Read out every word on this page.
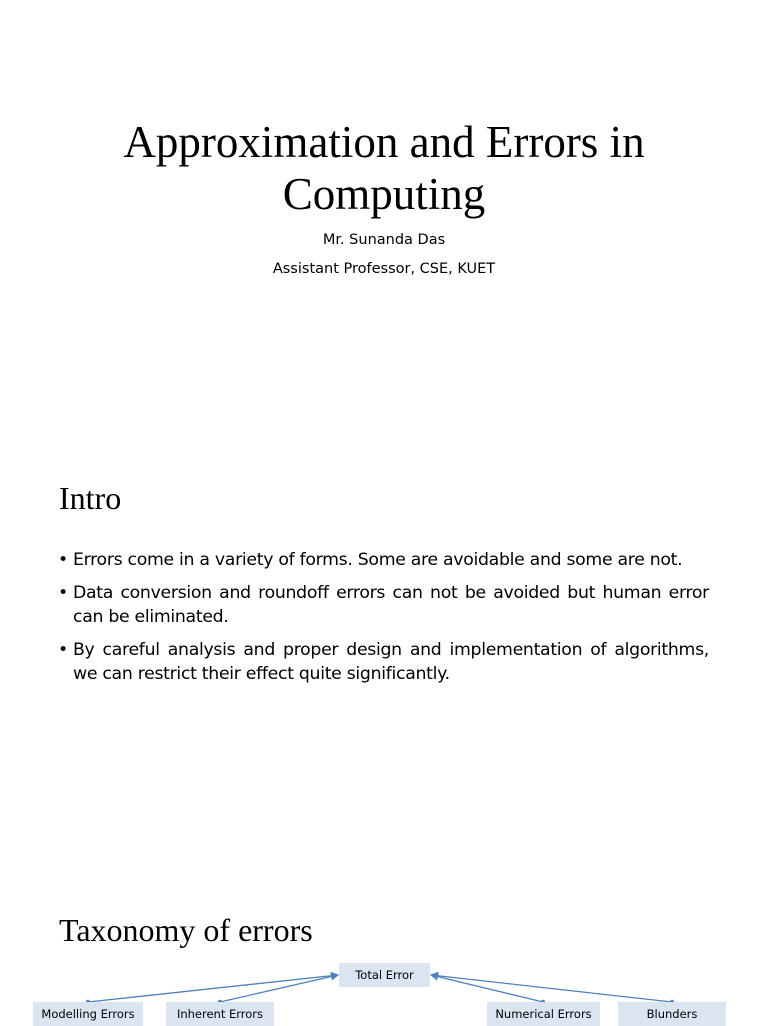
Approximation and Errors in Computing
Mr. Sunanda Das
Assistant Professor, CSE, KUET
Intro
• Errors come in a variety of forms. Some are avoidable and some are not.
• Data conversion and roundoff errors can not be avoided but human error can be eliminated.
• By careful analysis and proper design and implementation of algorithms, we can restrict their effect quite significantly.
Taxonomy of errors
Total Error
Modelling Errors	Inherent Errors	Numerical Errors	Blunders
